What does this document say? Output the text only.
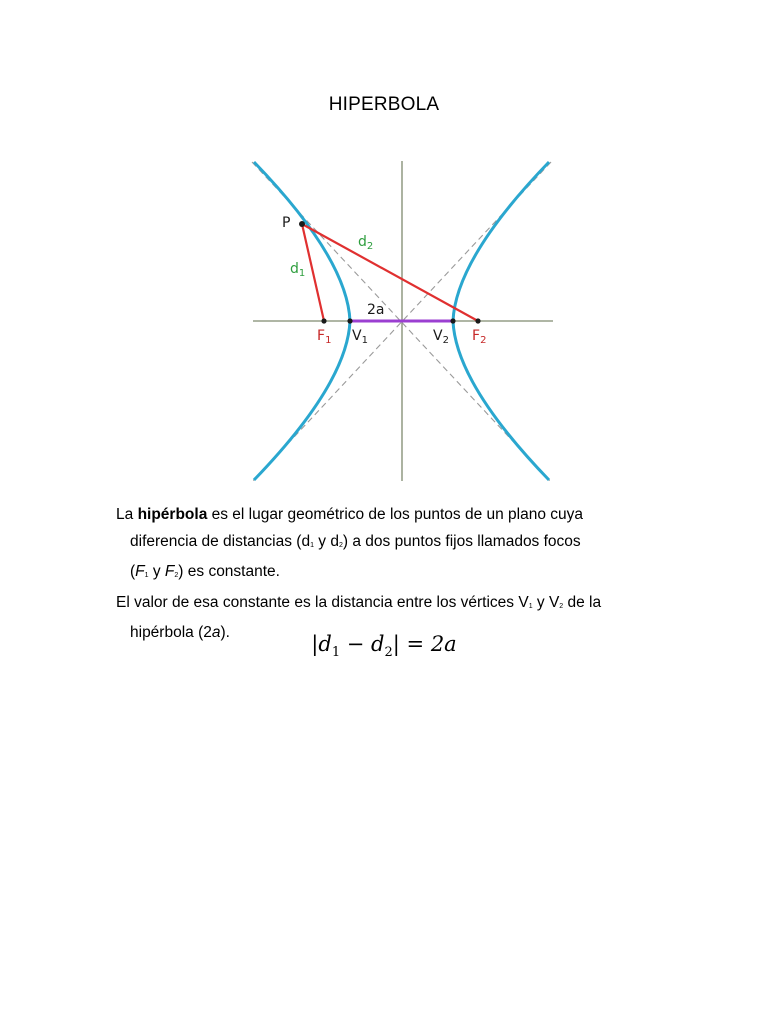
HIPERBOLA
P
$d_1$
$d_2$
2a
$F_1$ $V_1$	$V_2$ $F_2$

La hipérbola es el lugar geométrico de los puntos de un plano cuya
diferencia de distancias ($d_1$ y $d_2$) a dos puntos fijos llamados focos
($F_1$ y $F_2$) es constante.

El valor de esa constante es la distancia entre los vértices $V_1$ y $V_2$ de la
hipérbola (2a).	$|d_1 - d_2| = 2a$
